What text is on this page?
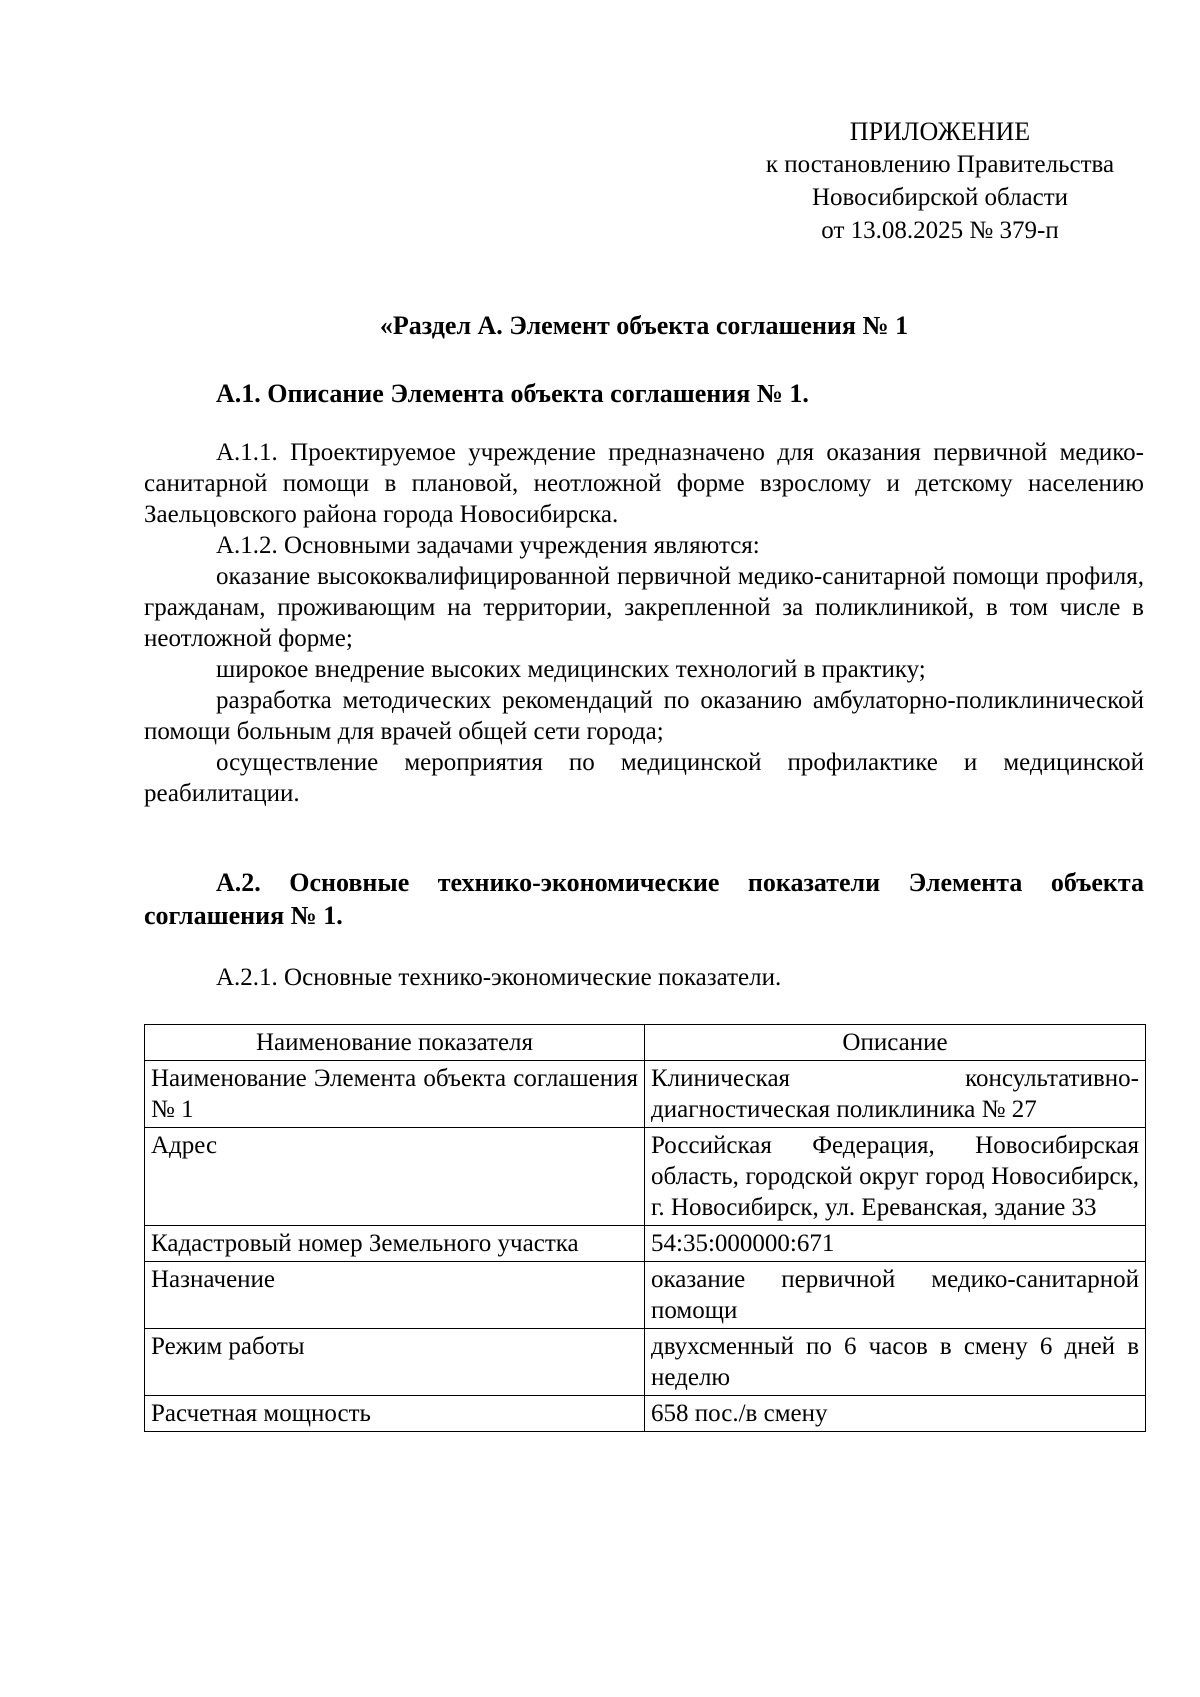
ПРИЛОЖЕНИЕ
к постановлению Правительства
Новосибирской области
от 13.08.2025 № 379-п
«Раздел А. Элемент объекта соглашения № 1
А.1. Описание Элемента объекта соглашения № 1.

А.1.1. Проектируемое учреждение предназначено для оказания первичной медико-санитарной помощи в плановой, неотложной форме взрослому и детскому населению Заельцовского района города Новосибирска.

А.1.2. Основными задачами учреждения являются:

оказание высококвалифицированной первичной медико-санитарной помощи профиля, гражданам, проживающим на территории, закрепленной за поликлиникой, в том числе в неотложной форме;

широкое внедрение высоких медицинских технологий в практику;

разработка методических рекомендаций по оказанию амбулаторно-поликлинической помощи больным для врачей общей сети города;

осуществление мероприятия по медицинской профилактике и медицинской реабилитации.

А.2. Основные технико-экономические показатели Элемента объекта соглашения № 1.
А.2.1. Основные технико-экономические показатели.
Наименование показателя	Описание
Наименование Элемента объекта соглашения № 1	Клиническая консультативно-диагностическая поликлиника № 27
Адрес	Российская Федерация, Новосибирская область, городской округ город Новосибирск, г. Новосибирск, ул. Ереванская, здание 33
Кадастровый номер Земельного участка	54:35:000000:671
Назначение	оказание первичной медико-санитарной помощи
Режим работы	двухсменный по 6 часов в смену 6 дней в неделю
Расчетная мощность	658 пос./в смену
